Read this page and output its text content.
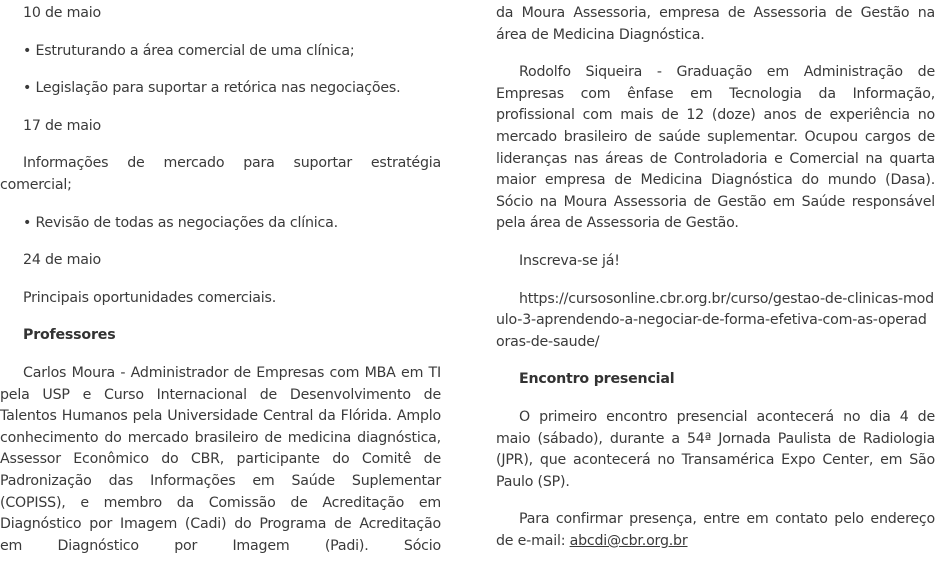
10 de maio

• Estruturando a área comercial de uma clínica;

• Legislação para suportar a retórica nas negociações.

17 de maio

Informações de mercado para suportar estratégia comercial;

• Revisão de todas as negociações da clínica.

24 de maio

Principais oportunidades comerciais.

Professores

Carlos Moura - Administrador de Empresas com MBA em TI pela USP e Curso Internacional de Desenvolvimento de Talentos Humanos pela Universidade Central da Flórida. Amplo conhecimento do mercado brasileiro de medicina diagnóstica, Assessor Econômico do CBR, participante do Comitê de Padronização das Informações em Saúde Suplementar (COPISS), e membro da Comissão de Acreditação em Diagnóstico por Imagem (Cadi) do Programa de Acreditação em Diagnóstico por Imagem (Padi). Sócio

da Moura Assessoria, empresa de Assessoria de Gestão na área de Medicina Diagnóstica.

Rodolfo Siqueira - Graduação em Administração de Empresas com ênfase em Tecnologia da Informação, profissional com mais de 12 (doze) anos de experiência no mercado brasileiro de saúde suplementar. Ocupou cargos de lideranças nas áreas de Controladoria e Comercial na quarta maior empresa de Medicina Diagnóstica do mundo (Dasa). Sócio na Moura Assessoria de Gestão em Saúde responsável pela área de Assessoria de Gestão.

Inscreva-se já!

https://cursosonline.cbr.org.br/curso/gestao-de-clinicas-modulo-3-aprendendo-a-negociar-de-forma-efetiva-com-as-operadoras-de-saude/

Encontro presencial

O primeiro encontro presencial acontecerá no dia 4 de maio (sábado), durante a 54ª Jornada Paulista de Radiologia (JPR), que acontecerá no Transamérica Expo Center, em São Paulo (SP).

Para confirmar presença, entre em contato pelo endereço de e-mail: abcdi@cbr.org.br
